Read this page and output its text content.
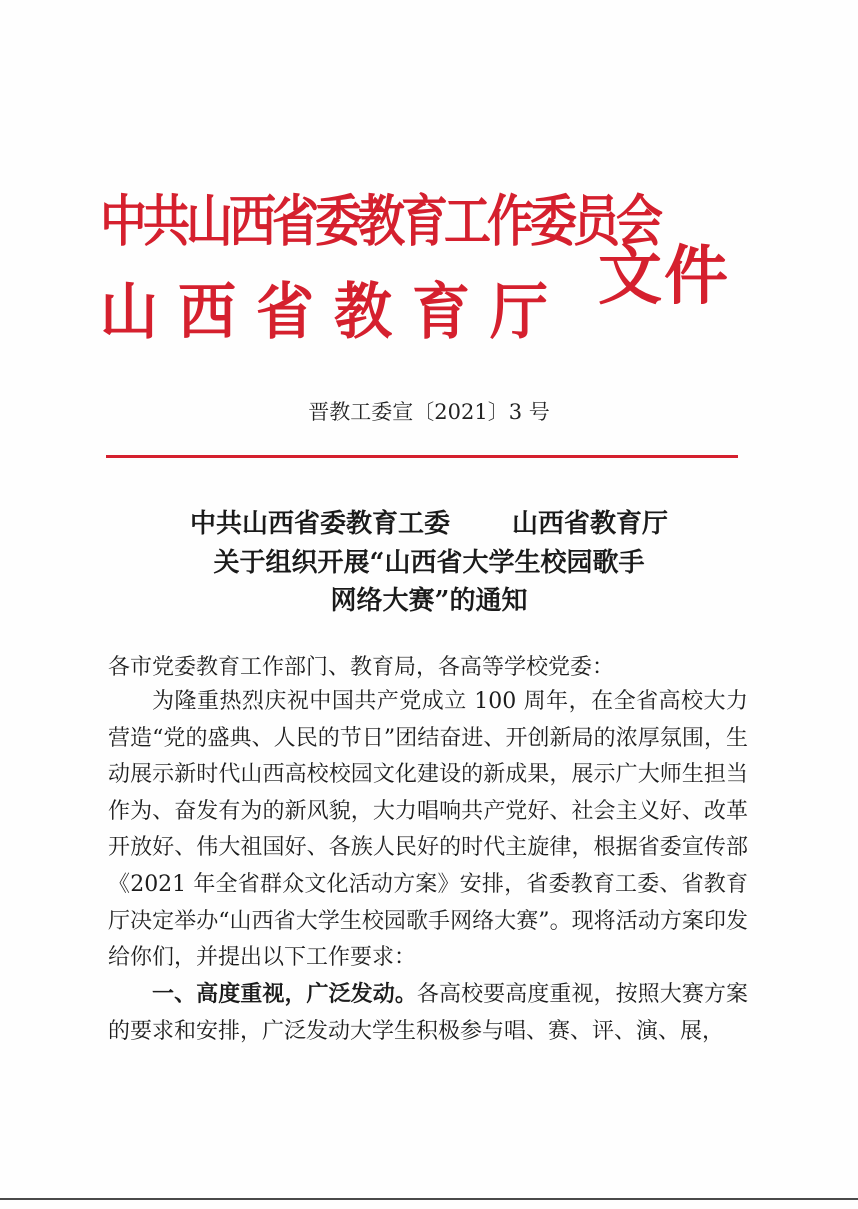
中共山西省委教育工作委员会
山西省教育厅 文件
晋教工委宣〔2021〕3 号
中共山西省委教育工委 山西省教育厅
关于组织开展“山西省大学生校园歌手
网络大赛”的通知
各市党委教育工作部门、教育局，各高等学校党委：
为隆重热烈庆祝中国共产党成立 100 周年，在全省高校大力营造“党的盛典、人民的节日”团结奋进、开创新局的浓厚氛围，生动展示新时代山西高校校园文化建设的新成果，展示广大师生担当作为、奋发有为的新风貌，大力唱响共产党好、社会主义好、改革开放好、伟大祖国好、各族人民好的时代主旋律，根据省委宣传部《2021 年全省群众文化活动方案》安排，省委教育工委、省教育厅决定举办“山西省大学生校园歌手网络大赛”。现将活动方案印发给你们，并提出以下工作要求：
一、高度重视，广泛发动。各高校要高度重视，按照大赛方案的要求和安排，广泛发动大学生积极参与唱、赛、评、演、展，
